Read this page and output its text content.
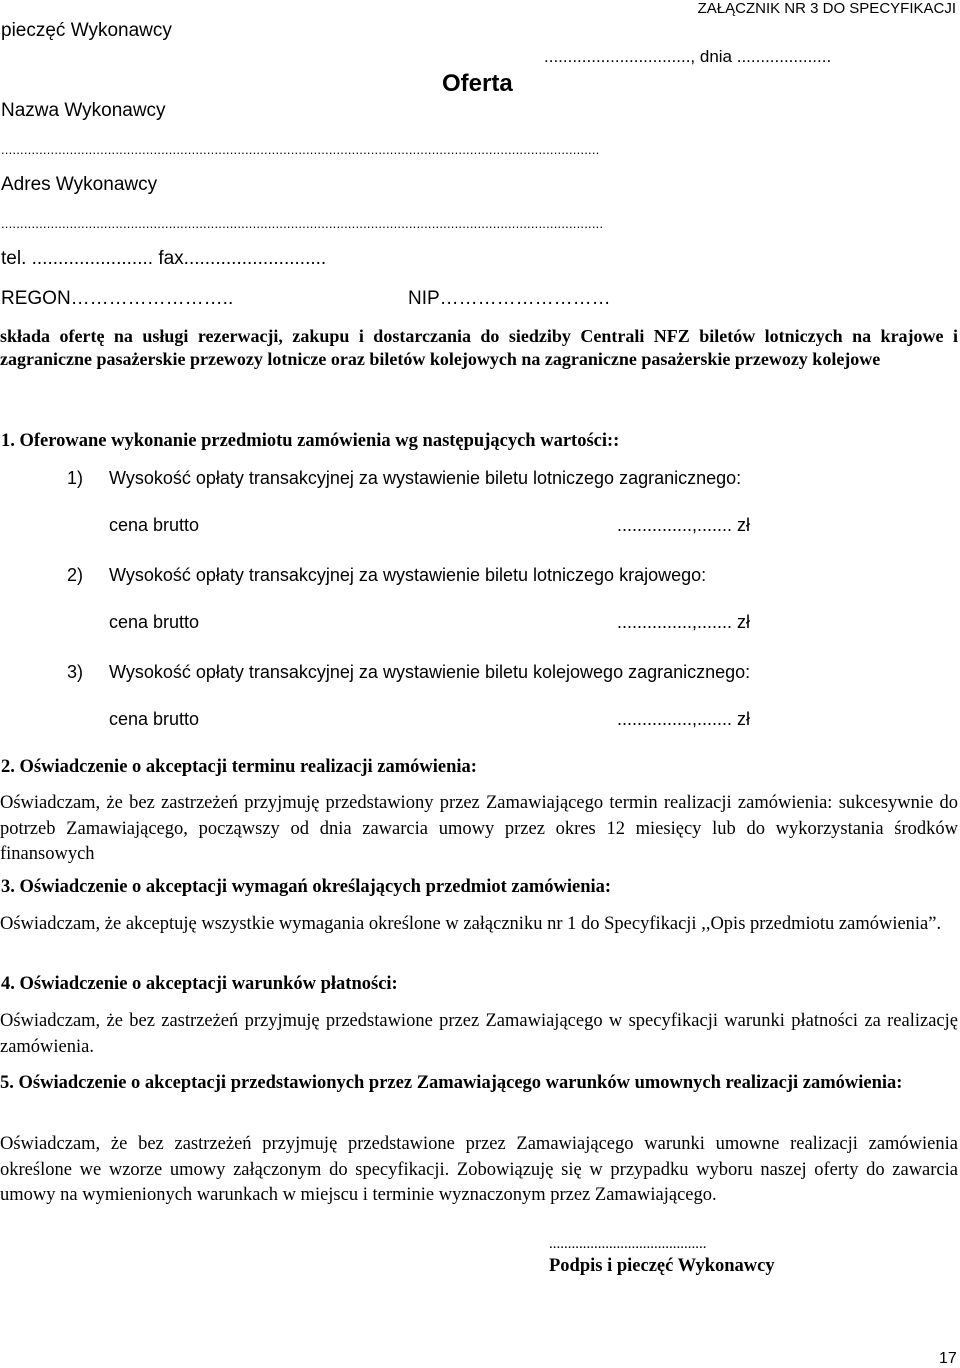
pieczęć Wykonawcy
ZAŁĄCZNIK NR 3 DO SPECYFIKACJI
..............................., dnia ....................
Oferta
Nazwa Wykonawcy
.............................................................................................................................................................
Adres Wykonawcy
..............................................................................................................................................................
tel. ....................... fax...........................
REGON……………………..	NIP………………………
składa ofertę na usługi rezerwacji, zakupu i dostarczania do siedziby Centrali NFZ biletów lotniczych na krajowe i zagraniczne pasażerskie przewozy lotnicze oraz biletów kolejowych na zagraniczne pasażerskie przewozy kolejowe
1. Oferowane wykonanie przedmiotu zamówienia wg następujących wartości::
1) Wysokość opłaty transakcyjnej za wystawienie biletu lotniczego zagranicznego:
cena brutto	...............,....... zł
2) Wysokość opłaty transakcyjnej za wystawienie biletu lotniczego krajowego:
cena brutto	...............,....... zł
3) Wysokość opłaty transakcyjnej za wystawienie biletu kolejowego zagranicznego:
cena brutto	...............,....... zł
2. Oświadczenie o akceptacji terminu realizacji zamówienia:
Oświadczam, że bez zastrzeżeń przyjmuję przedstawiony przez Zamawiającego termin realizacji zamówienia: sukcesywnie do potrzeb Zamawiającego, począwszy od dnia zawarcia umowy przez okres 12 miesięcy lub do wykorzystania środków finansowych
3. Oświadczenie o akceptacji wymagań określających przedmiot zamówienia:
Oświadczam, że akceptuję wszystkie wymagania określone w załączniku nr 1 do Specyfikacji ,,Opis przedmiotu zamówienia”.
4. Oświadczenie o akceptacji warunków płatności:
Oświadczam, że bez zastrzeżeń przyjmuję przedstawione przez Zamawiającego w specyfikacji warunki płatności za realizację zamówienia.
5. Oświadczenie o akceptacji przedstawionych przez Zamawiającego warunków umownych realizacji zamówienia:
Oświadczam, że bez zastrzeżeń przyjmuję przedstawione przez Zamawiającego warunki umowne realizacji zamówienia określone we wzorze umowy załączonym do specyfikacji. Zobowiązuję się w przypadku wyboru naszej oferty do zawarcia umowy na wymienionych warunkach w miejscu i terminie wyznaczonym przez Zamawiającego.
..........................................
Podpis i pieczęć Wykonawcy
17
